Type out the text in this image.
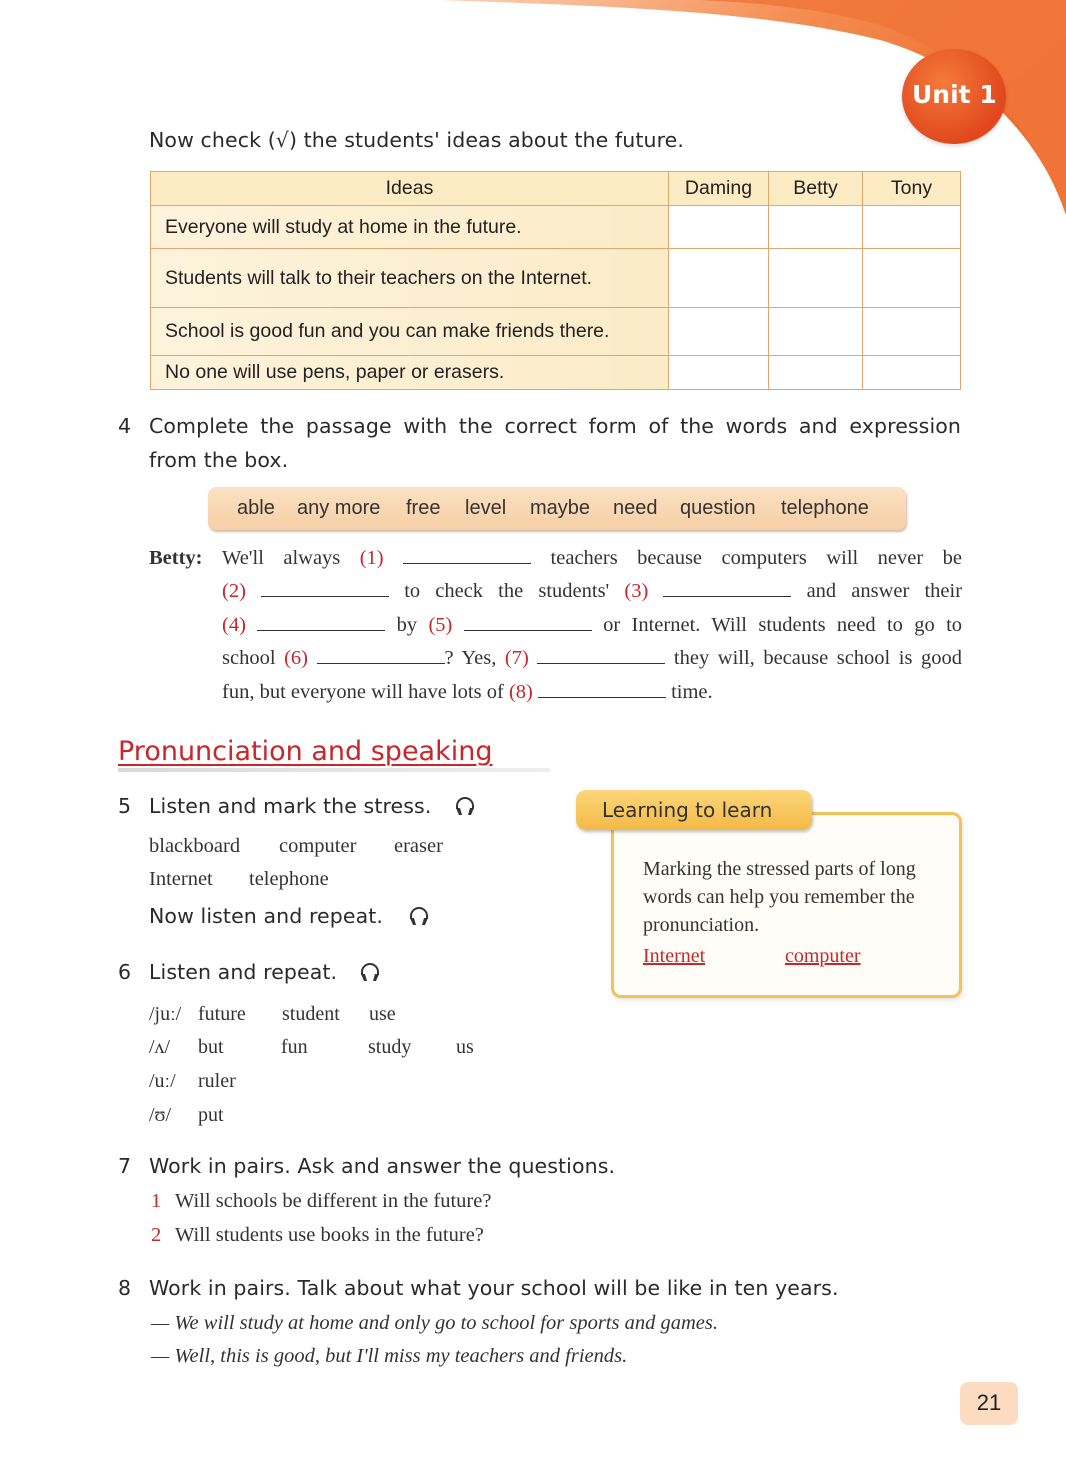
Unit 1
Now check (√) the students' ideas about the future.
Ideas	Daming	Betty	Tony
Everyone will study at home in the future.			
Students will talk to their teachers on the Internet.			
School is good fun and you can make friends there.			
No one will use pens, paper or erasers.			
4 Complete the passage with the correct form of the words and expression
from the box.
able any more free level maybe need question telephone
Betty: We'll always (1)	teachers because computers will never be
(2)	to check the students' (3)	and answer their
(4)	by (5)	or Internet. Will students need to go to
school (6)	? Yes, (7)	they will, because school is good
fun, but everyone will have lots of (8)	time.
Pronunciation and speaking
5 Listen and mark the stress.
blackboard computer eraser
Internet telephone
Now listen and repeat.
Learning to learn
Marking the stressed parts of long words can help you remember the pronunciation.
Internet	computer
6 Listen and repeat.
/juː/ future student use
/ʌ/ but	fun	study us
/uː/ ruler
/ʊ/ put
7 Work in pairs. Ask and answer the questions.
1 Will schools be different in the future?
2 Will students use books in the future?
8 Work in pairs. Talk about what your school will be like in ten years.
— We will study at home and only go to school for sports and games.
— Well, this is good, but I'll miss my teachers and friends.
21
